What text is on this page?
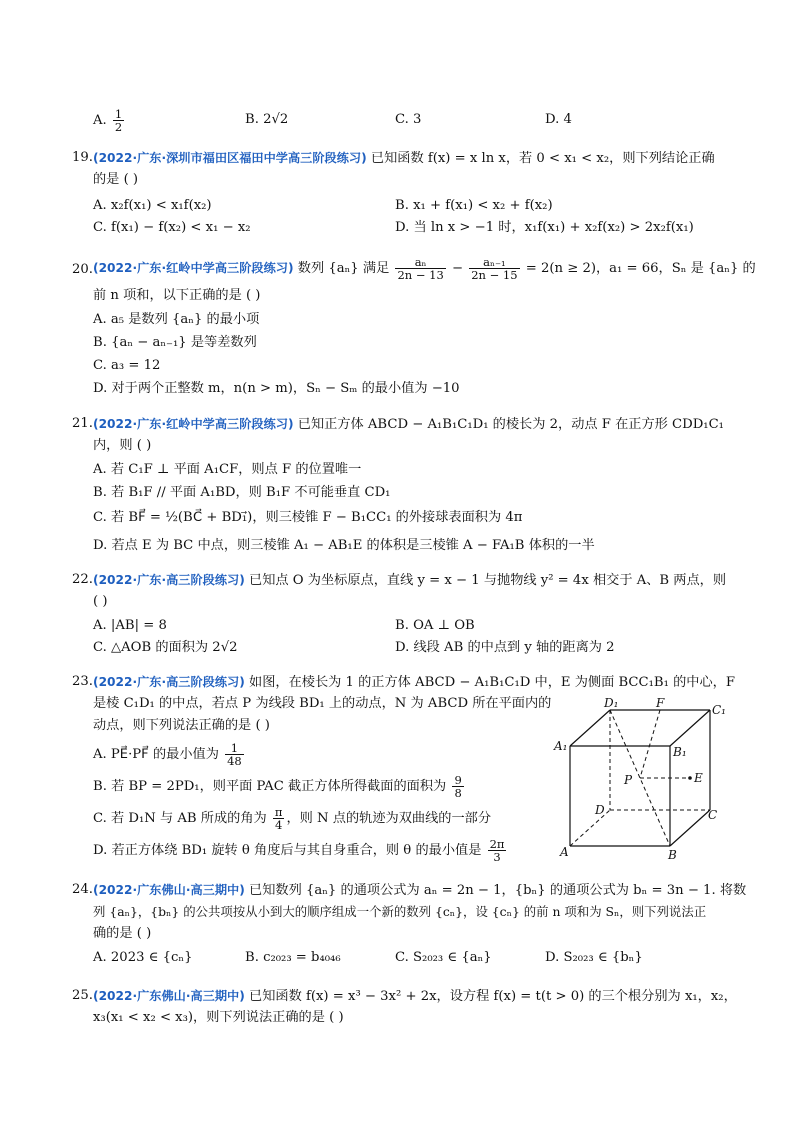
A. $\frac{1}{2}$	B. 2√2	C. 3	D. 4
19. (2022·广东·深圳市福田区福田中学高三阶段练习) 已知函数 f(x) = x ln x，若 0 < x₁ < x₂，则下列结论正确
的是 ( )
A. x₂f(x₁) < x₁f(x₂)	B. x₁ + f(x₁) < x₂ + f(x₂)
C. f(x₁) − f(x₂) < x₁ − x₂	D. 当 ln x > −1 时，x₁f(x₁) + x₂f(x₂) > 2x₂f(x₁)
20. (2022·广东·红岭中学高三阶段练习) 数列 {aₙ} 满足 $\frac{\text{aₙ}}{2n - 13} - \frac{\text{aₙ₋₁}}{2n - 15} = 2(n \ge 2)$，a₁ = 66，Sₙ 是 {aₙ} 的
前 n 项和，以下正确的是 ( )
A. a₅ 是数列 {aₙ} 的最小项
B. {aₙ − aₙ₋₁} 是等差数列
C. a₃ = 12
D. 对于两个正整数 m，n(n > m)，Sₙ − Sₘ 的最小值为 −10
21. (2022·广东·红岭中学高三阶段练习) 已知正方体 ABCD − A₁B₁C₁D₁ 的棱长为 2，动点 F 在正方形 CDD₁C₁
内，则 ( )
A. 若 C₁F ⊥ 平面 A₁CF，则点 F 的位置唯一
B. 若 B₁F // 平面 A₁BD，则 B₁F 不可能垂直 CD₁
C. 若 BF⃗ = ½(BC⃗ + BD₁⃗)，则三棱锥 F − B₁CC₁ 的外接球表面积为 4π
D. 若点 E 为 BC 中点，则三棱锥 A₁ − AB₁E 的体积是三棱锥 A − FA₁B 体积的一半
22. (2022·广东·高三阶段练习) 已知点 O 为坐标原点，直线 y = x − 1 与抛物线 y² = 4x 相交于 A、B 两点，则
( )
A. |AB| = 8	B. OA ⊥ OB
C. △AOB 的面积为 2√2	D. 线段 AB 的中点到 y 轴的距离为 2
23. (2022·广东·高三阶段练习) 如图，在棱长为 1 的正方体 ABCD − A₁B₁C₁D 中，E 为侧面 BCC₁B₁ 的中心，F
是棱 C₁D₁ 的中点，若点 P 为线段 BD₁ 上的动点，N 为 ABCD 所在平面内的
动点，则下列说法正确的是 ( )
A. PE⃗·PF⃗ 的最小值为 $\frac{1}{48}$
B. 若 BP = 2PD₁，则平面 PAC 截正方体所得截面的面积为 $\frac{9}{8}$
C. 若 D₁N 与 AB 所成的角为 $\frac{\pi}{4}$ ，则 N 点的轨迹为双曲线的一部分
D. 若正方体绕 BD₁ 旋转 θ 角度后与其自身重合，则 θ 的最小值是 $\frac{2\pi}{3}$
D₁	F	C₁
A₁	B₁
P	E
D	C
A	B
24. (2022·广东佛山·高三期中) 已知数列 {aₙ} 的通项公式为 aₙ = 2n − 1，{bₙ} 的通项公式为 bₙ = 3n − 1. 将数
列 {aₙ}，{bₙ} 的公共项按从小到大的顺序组成一个新的数列 {cₙ}，设 {cₙ} 的前 n 项和为 Sₙ，则下列说法正
确的是 ( )
A. 2023 ∈ {cₙ}	B. c₂₀₂₃ = b₄₀₄₆	C. S₂₀₂₃ ∈ {aₙ}	D. S₂₀₂₃ ∈ {bₙ}
25. (2022·广东佛山·高三期中) 已知函数 f(x) = x³ − 3x² + 2x，设方程 f(x) = t(t > 0) 的三个根分别为 x₁，x₂，
x₃(x₁ < x₂ < x₃)，则下列说法正确的是 ( )
